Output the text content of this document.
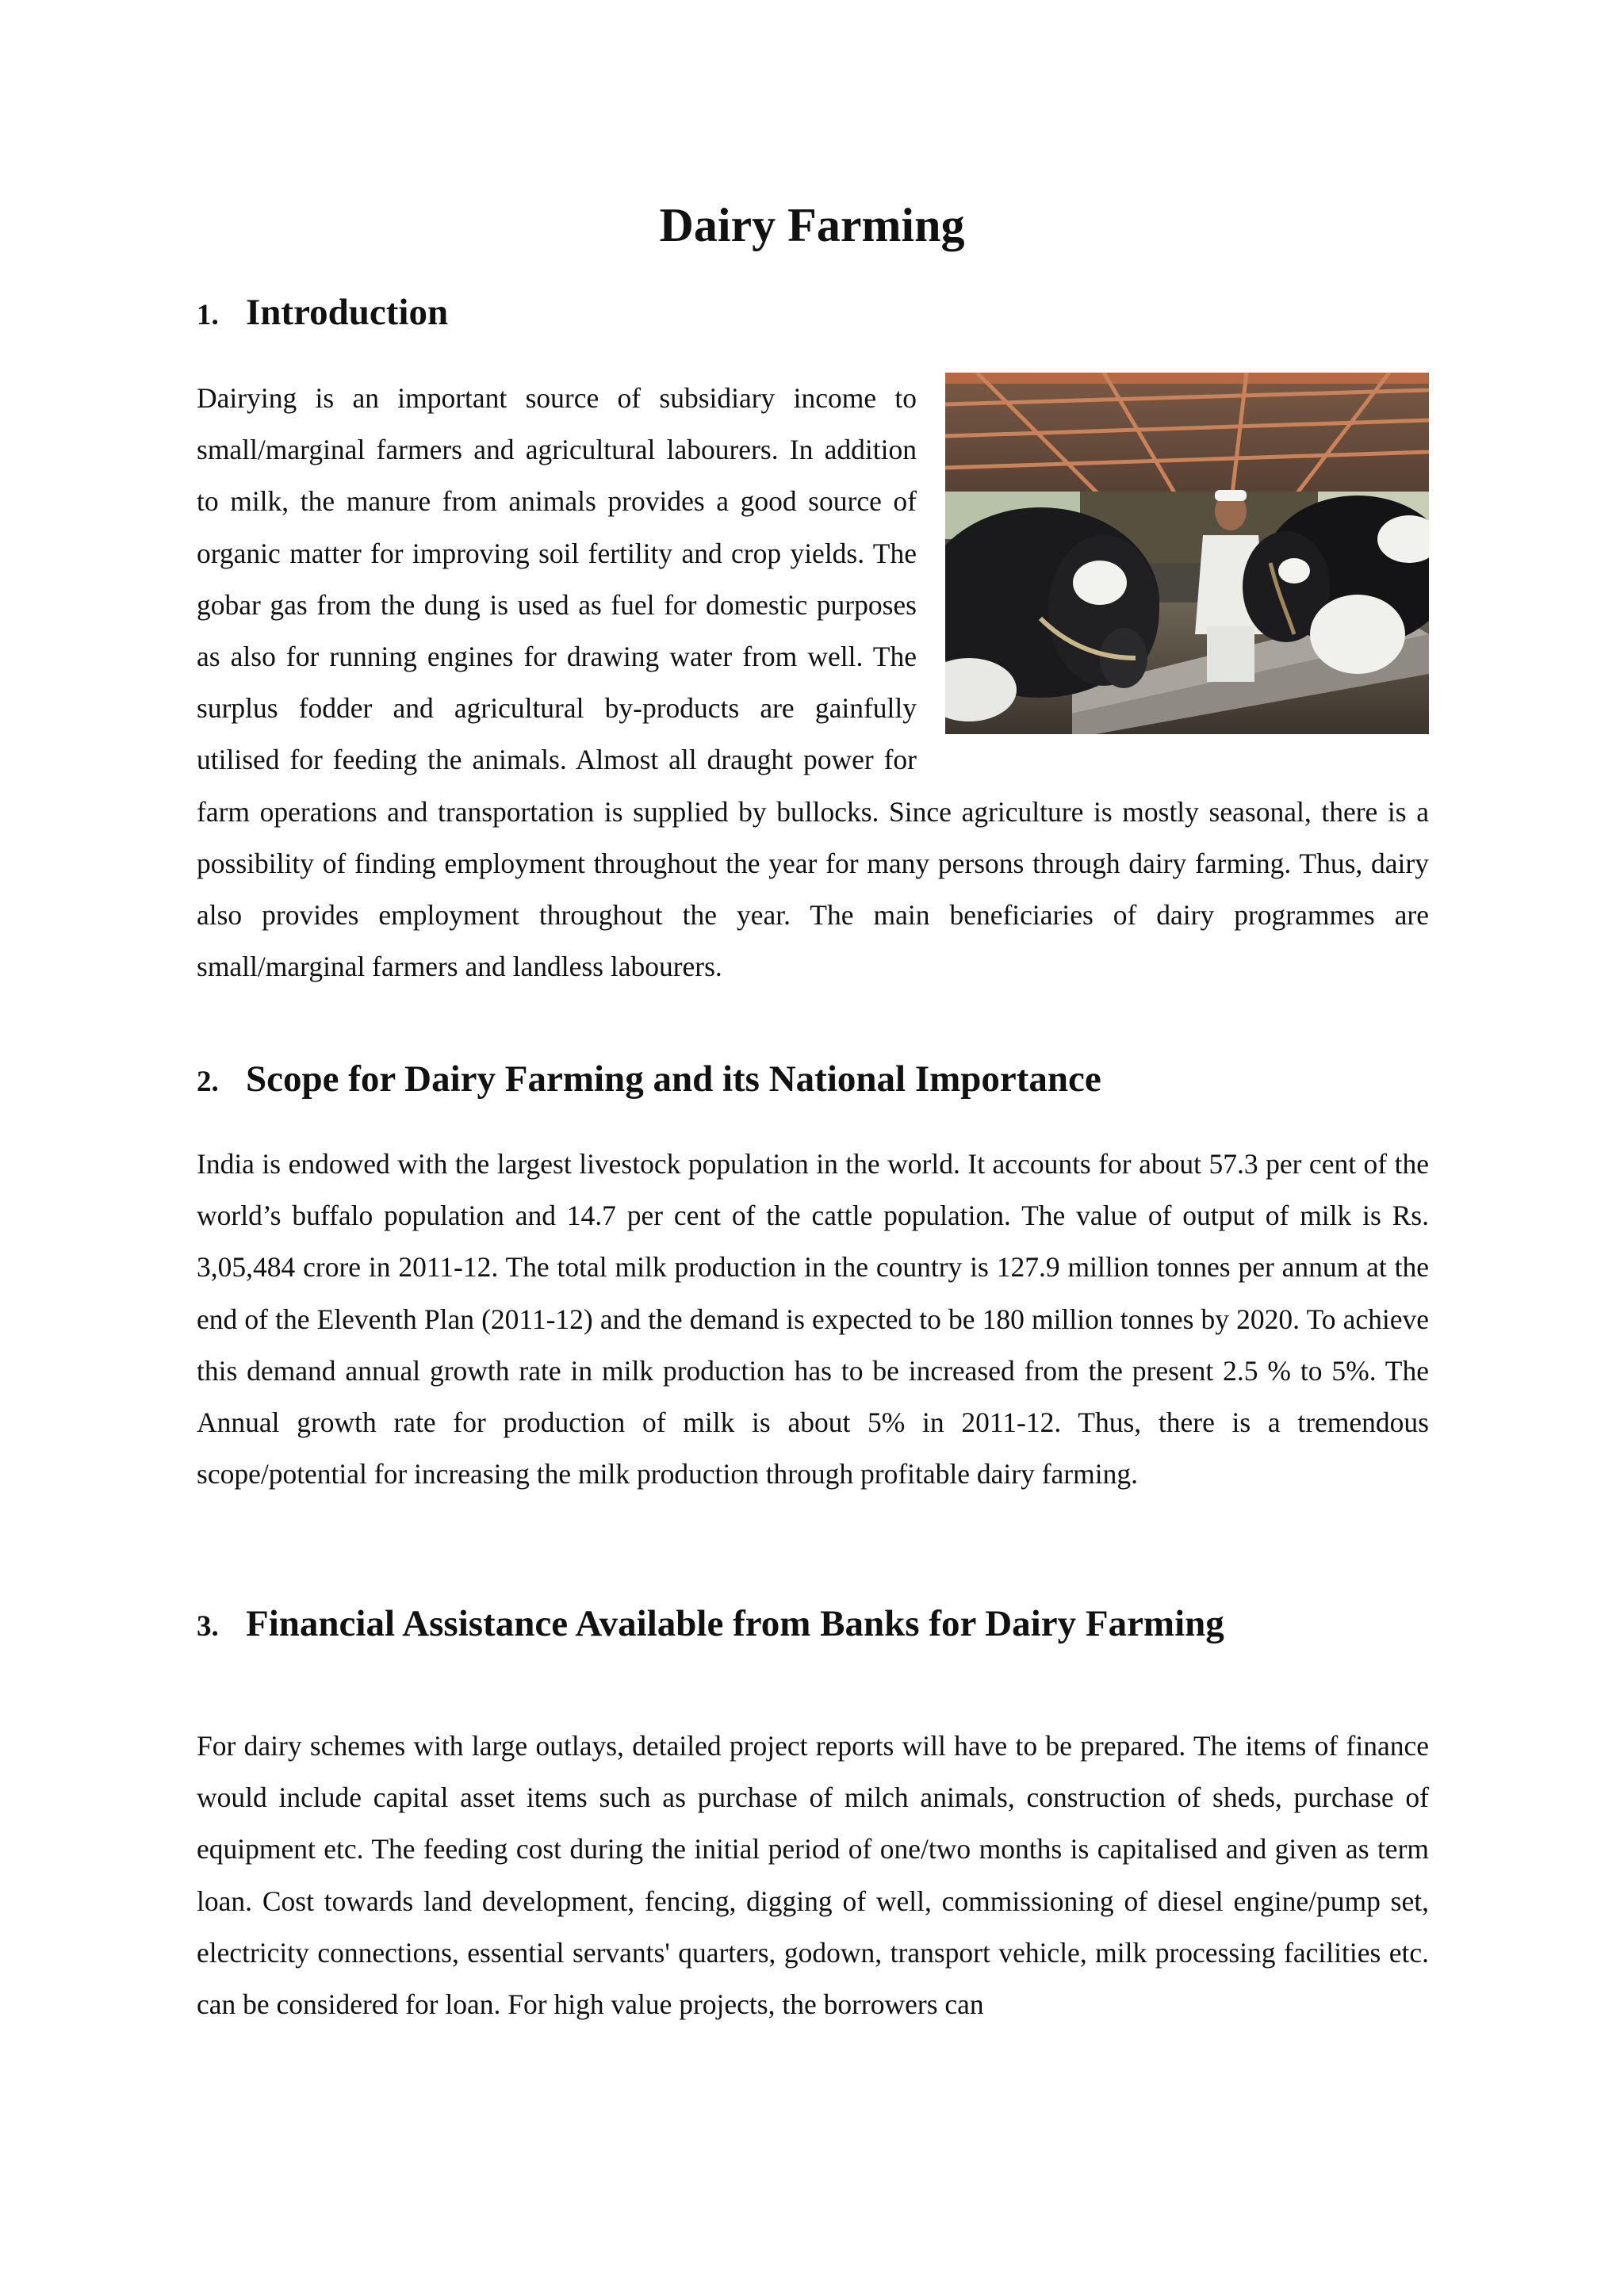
Dairy Farming
1. Introduction
Dairying is an important source of subsidiary income to small/marginal farmers and agricultural labourers. In addition to milk, the manure from animals provides a good source of organic matter for improving soil fertility and crop yields. The gobar gas from the dung is used as fuel for domestic purposes as also for running engines for drawing water from well. The surplus fodder and agricultural by-products are gainfully utilised for feeding the animals. Almost all draught power for farm operations and transportation is supplied by bullocks. Since agriculture is mostly seasonal, there is a possibility of finding employment throughout the year for many persons through dairy farming. Thus, dairy also provides employment throughout the year. The main beneficiaries of dairy programmes are small/marginal farmers and landless labourers.
2. Scope for Dairy Farming and its National Importance

India is endowed with the largest livestock population in the world. It accounts for about 57.3 per cent of the world’s buffalo population and 14.7 per cent of the cattle population. The value of output of milk is Rs. 3,05,484 crore in 2011-12. The total milk production in the country is 127.9 million tonnes per annum at the end of the Eleventh Plan (2011-12) and the demand is expected to be 180 million tonnes by 2020. To achieve this demand annual growth rate in milk production has to be increased from the present 2.5 % to 5%. The Annual growth rate for production of milk is about 5% in 2011-12. Thus, there is a tremendous scope/potential for increasing the milk production through profitable dairy farming.

3. Financial Assistance Available from Banks for Dairy Farming

For dairy schemes with large outlays, detailed project reports will have to be prepared. The items of finance would include capital asset items such as purchase of milch animals, construction of sheds, purchase of equipment etc. The feeding cost during the initial period of one/two months is capitalised and given as term loan. Cost towards land development, fencing, digging of well, commissioning of diesel engine/pump set, electricity connections, essential servants' quarters, godown, transport vehicle, milk processing facilities etc. can be considered for loan. For high value projects, the borrowers can
